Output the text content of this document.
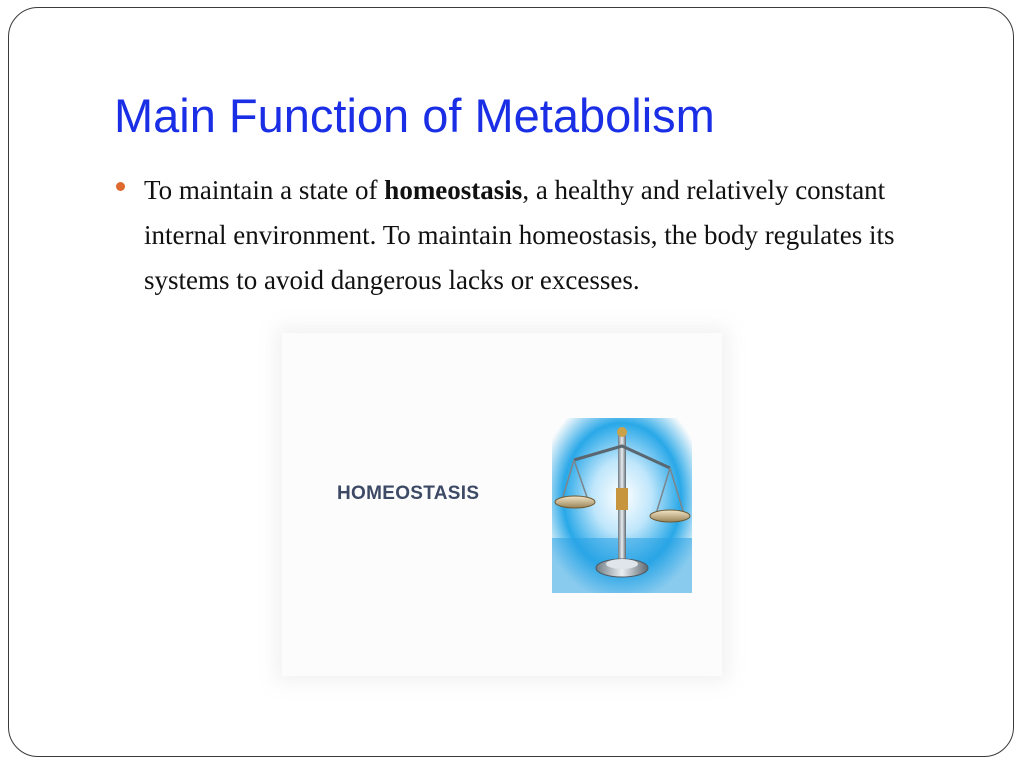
Main Function of Metabolism

To maintain a state of homeostasis, a healthy and relatively constant internal environment. To maintain homeostasis, the body regulates its systems to avoid dangerous lacks or excesses.

HOMEOSTASIS
